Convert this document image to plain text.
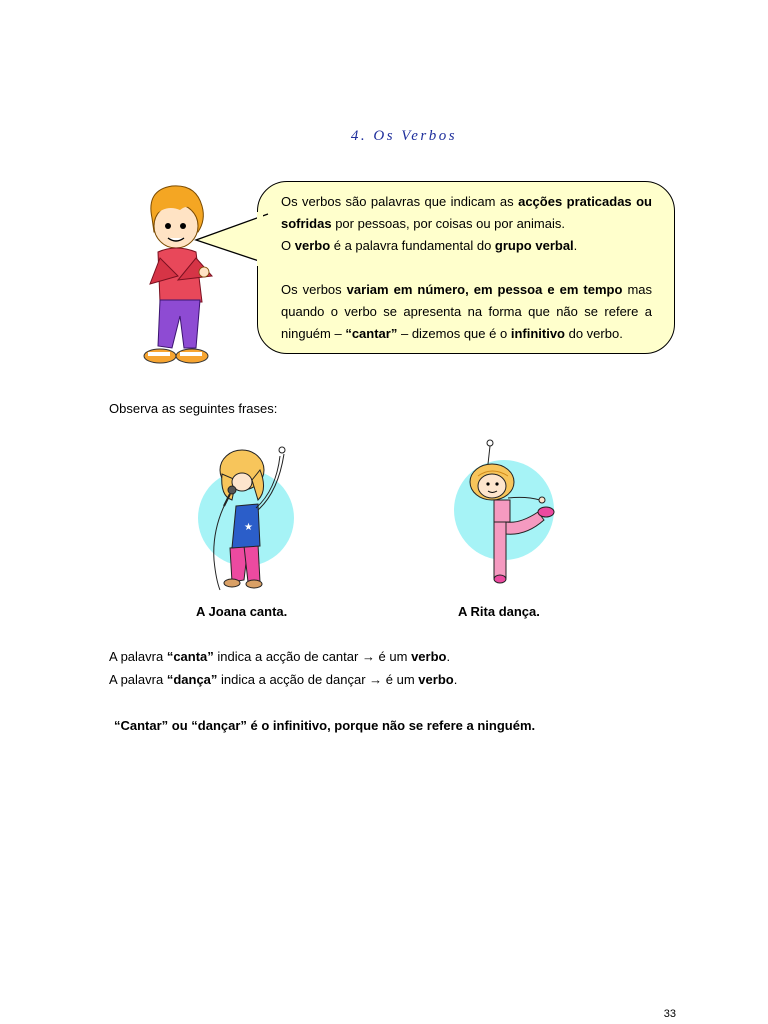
4. Os Verbos

Os verbos são palavras que indicam as acções praticadas ou sofridas por pessoas, por coisas ou por animais.

O verbo é a palavra fundamental do grupo verbal.

Os verbos variam em número, em pessoa e em tempo mas quando o verbo se apresenta na forma que não se refere a ninguém – “cantar” – dizemos que é o infinitivo do verbo.

Observa as seguintes frases:
★
A Joana canta.	A Rita dança.
A palavra “canta” indica a acção de cantar → é um verbo.
A palavra “dança” indica a acção de dançar → é um verbo.
“Cantar” ou “dançar” é o infinitivo, porque não se refere a ninguém.
33
